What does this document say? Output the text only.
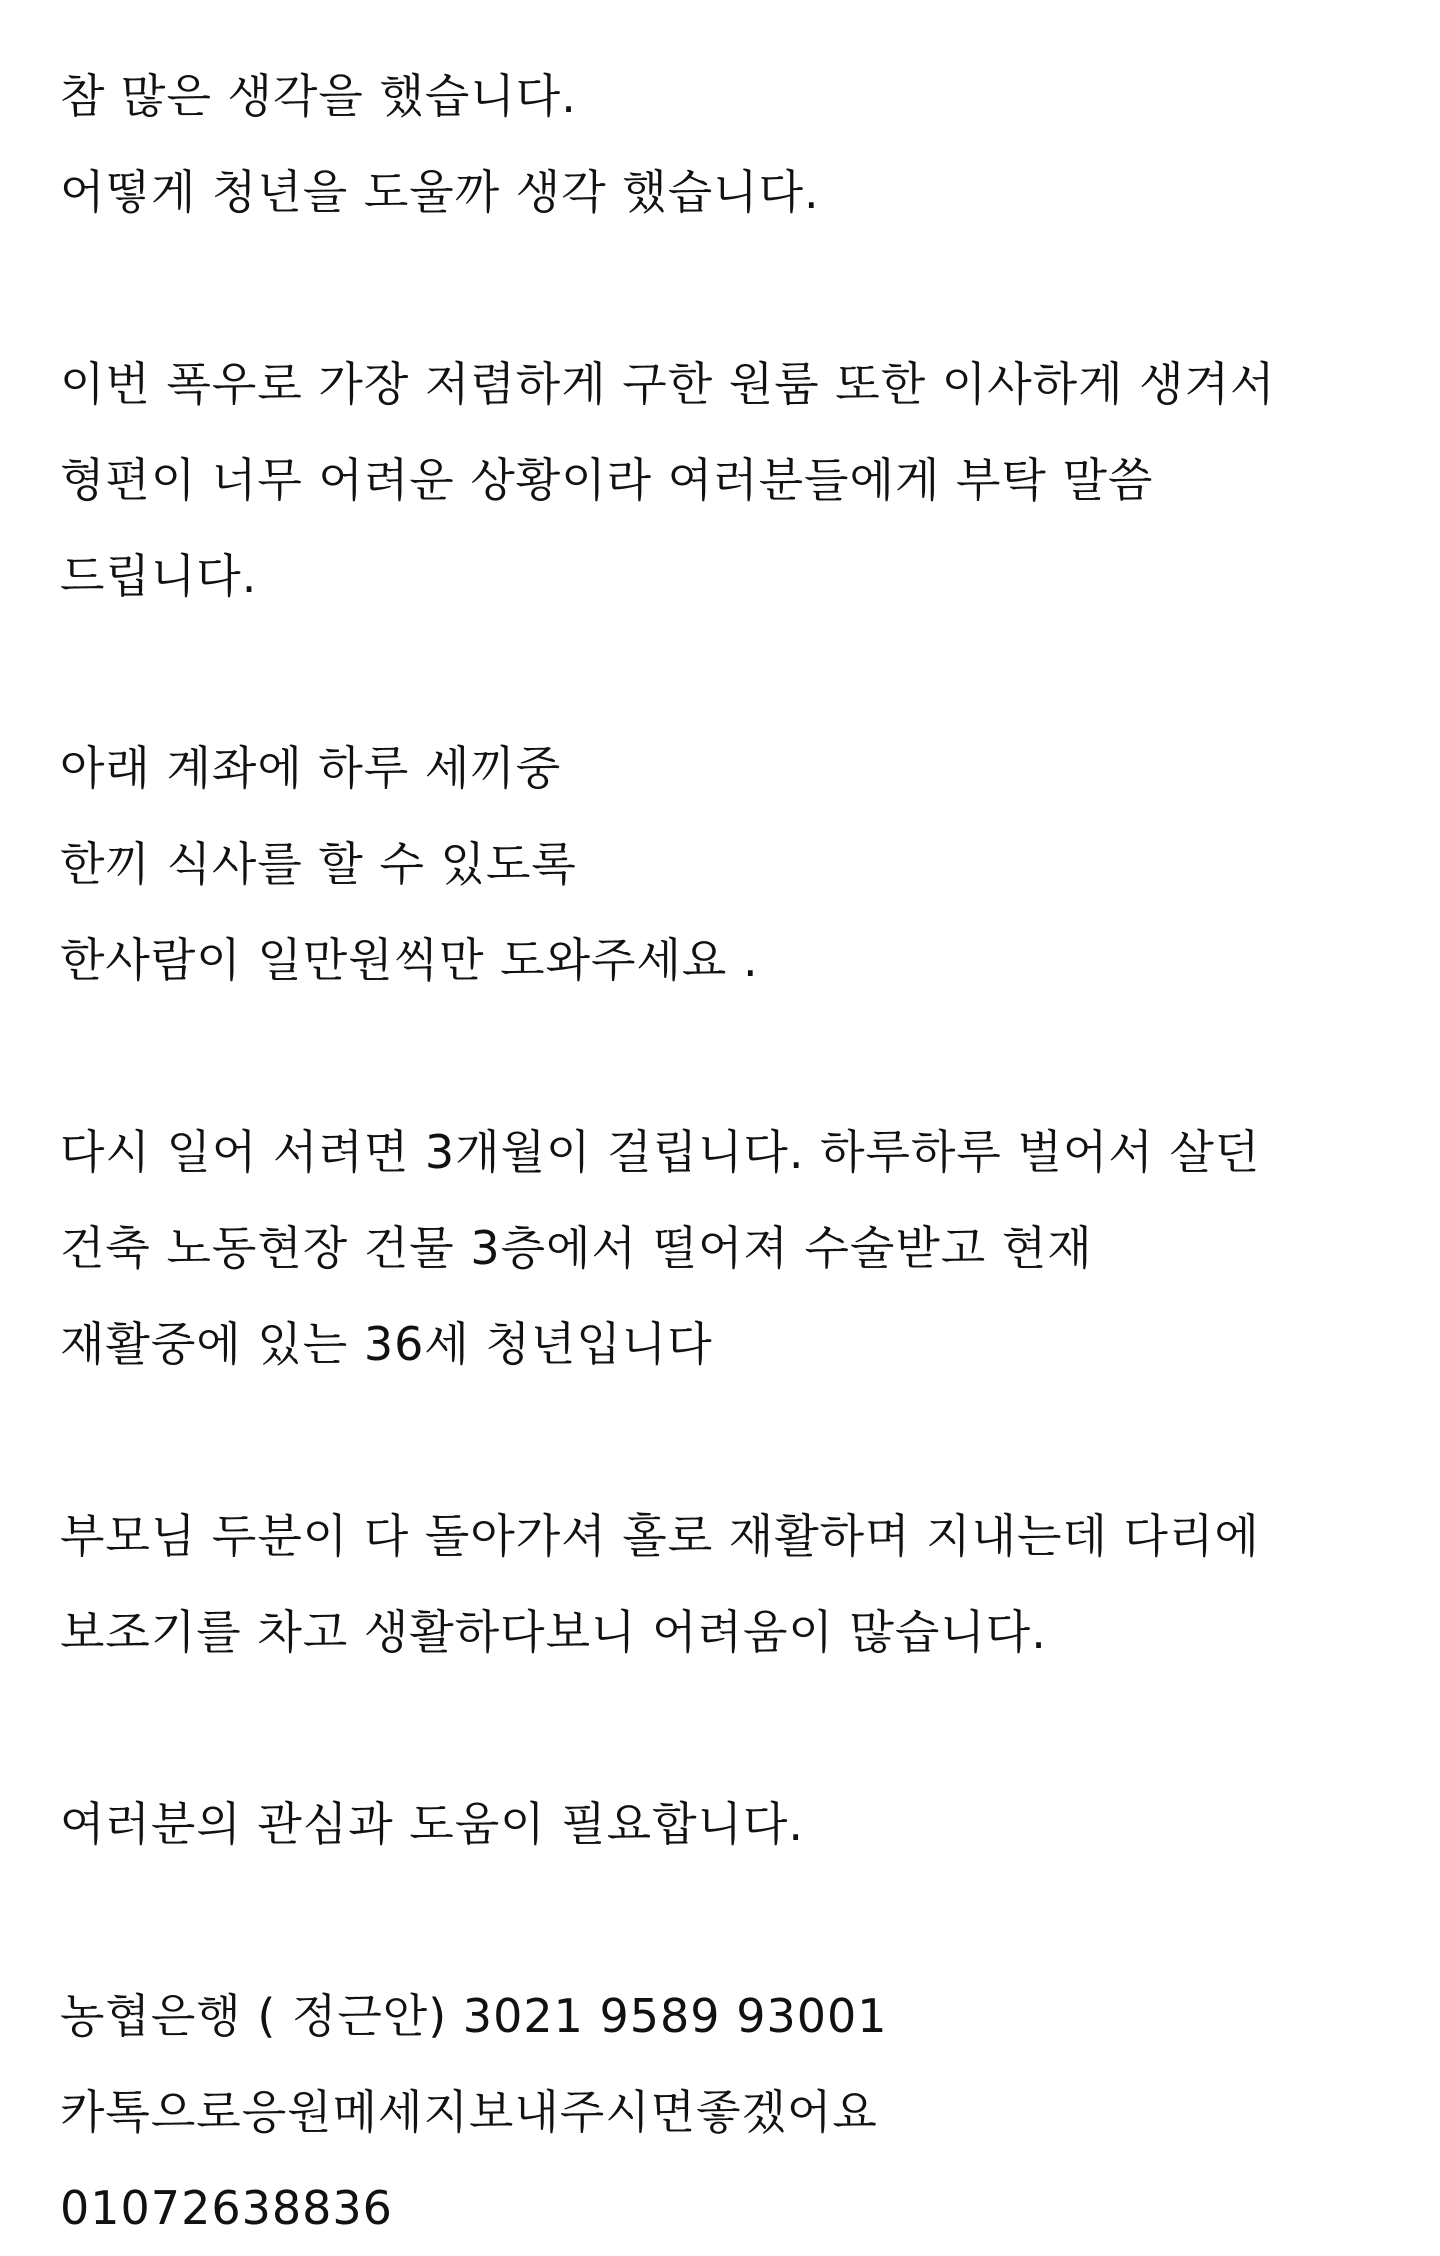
참 많은 생각을 했습니다.
어떻게 청년을 도울까 생각 했습니다.
이번 폭우로 가장 저렴하게 구한 원룸 또한 이사하게 생겨서
형편이 너무 어려운 상황이라 여러분들에게 부탁 말씀
드립니다.
아래 계좌에 하루 세끼중
한끼 식사를 할 수 있도록
한사람이 일만원씩만 도와주세요 .
다시 일어 서려면 3개월이 걸립니다. 하루하루 벌어서 살던
건축 노동현장 건물 3층에서 떨어져 수술받고 현재
재활중에 있는 36세 청년입니다
부모님 두분이 다 돌아가셔 홀로 재활하며 지내는데 다리에
보조기를 차고 생활하다보니 어려움이 많습니다.
여러분의 관심과 도움이 필요합니다.
농협은행 ( 정근안) 3021 9589 93001
카톡으로응원메세지보내주시면좋겠어요
01072638836
